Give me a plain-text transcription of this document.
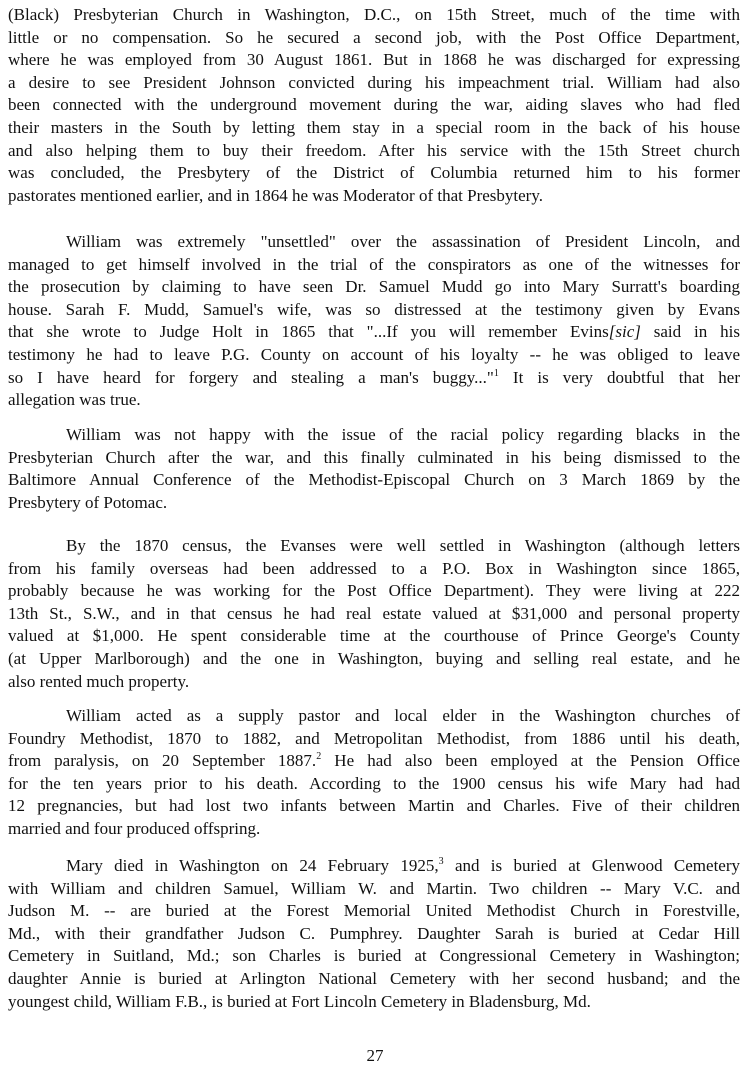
(Black) Presbyterian Church in Washington, D.C., on 15th Street, much of the time with
little or no compensation. So he secured a second job, with the Post Office Department,
where he was employed from 30 August 1861. But in 1868 he was discharged for expressing
a desire to see President Johnson convicted during his impeachment trial. William had also
been connected with the underground movement during the war, aiding slaves who had fled
their masters in the South by letting them stay in a special room in the back of his house
and also helping them to buy their freedom. After his service with the 15th Street church
was concluded, the Presbytery of the District of Columbia returned him to his former
pastorates mentioned earlier, and in 1864 he was Moderator of that Presbytery.
William was extremely "unsettled" over the assassination of President Lincoln, and
managed to get himself involved in the trial of the conspirators as one of the witnesses for
the prosecution by claiming to have seen Dr. Samuel Mudd go into Mary Surratt's boarding
house. Sarah F. Mudd, Samuel's wife, was so distressed at the testimony given by Evans
that she wrote to Judge Holt in 1865 that "...If you will remember Evins[sic] said in his
testimony he had to leave P.G. County on account of his loyalty -- he was obliged to leave
so I have heard for forgery and stealing a man's buggy..."$^1$ It is very doubtful that her
allegation was true.
William was not happy with the issue of the racial policy regarding blacks in the
Presbyterian Church after the war, and this finally culminated in his being dismissed to the
Baltimore Annual Conference of the Methodist-Episcopal Church on 3 March 1869 by the
Presbytery of Potomac.
By the 1870 census, the Evanses were well settled in Washington (although letters
from his family overseas had been addressed to a P.O. Box in Washington since 1865,
probably because he was working for the Post Office Department). They were living at 222
13th St., S.W., and in that census he had real estate valued at $31,000 and personal property
valued at $1,000. He spent considerable time at the courthouse of Prince George's County
(at Upper Marlborough) and the one in Washington, buying and selling real estate, and he
also rented much property.
William acted as a supply pastor and local elder in the Washington churches of
Foundry Methodist, 1870 to 1882, and Metropolitan Methodist, from 1886 until his death,
from paralysis, on 20 September 1887.$^2$ He had also been employed at the Pension Office
for the ten years prior to his death. According to the 1900 census his wife Mary had had
12 pregnancies, but had lost two infants between Martin and Charles. Five of their children
married and four produced offspring.
Mary died in Washington on 24 February 1925,$^3$ and is buried at Glenwood Cemetery
with William and children Samuel, William W. and Martin. Two children -- Mary V.C. and
Judson M. -- are buried at the Forest Memorial United Methodist Church in Forestville,
Md., with their grandfather Judson C. Pumphrey. Daughter Sarah is buried at Cedar Hill
Cemetery in Suitland, Md.; son Charles is buried at Congressional Cemetery in Washington;
daughter Annie is buried at Arlington National Cemetery with her second husband; and the
youngest child, William F.B., is buried at Fort Lincoln Cemetery in Bladensburg, Md.
27
